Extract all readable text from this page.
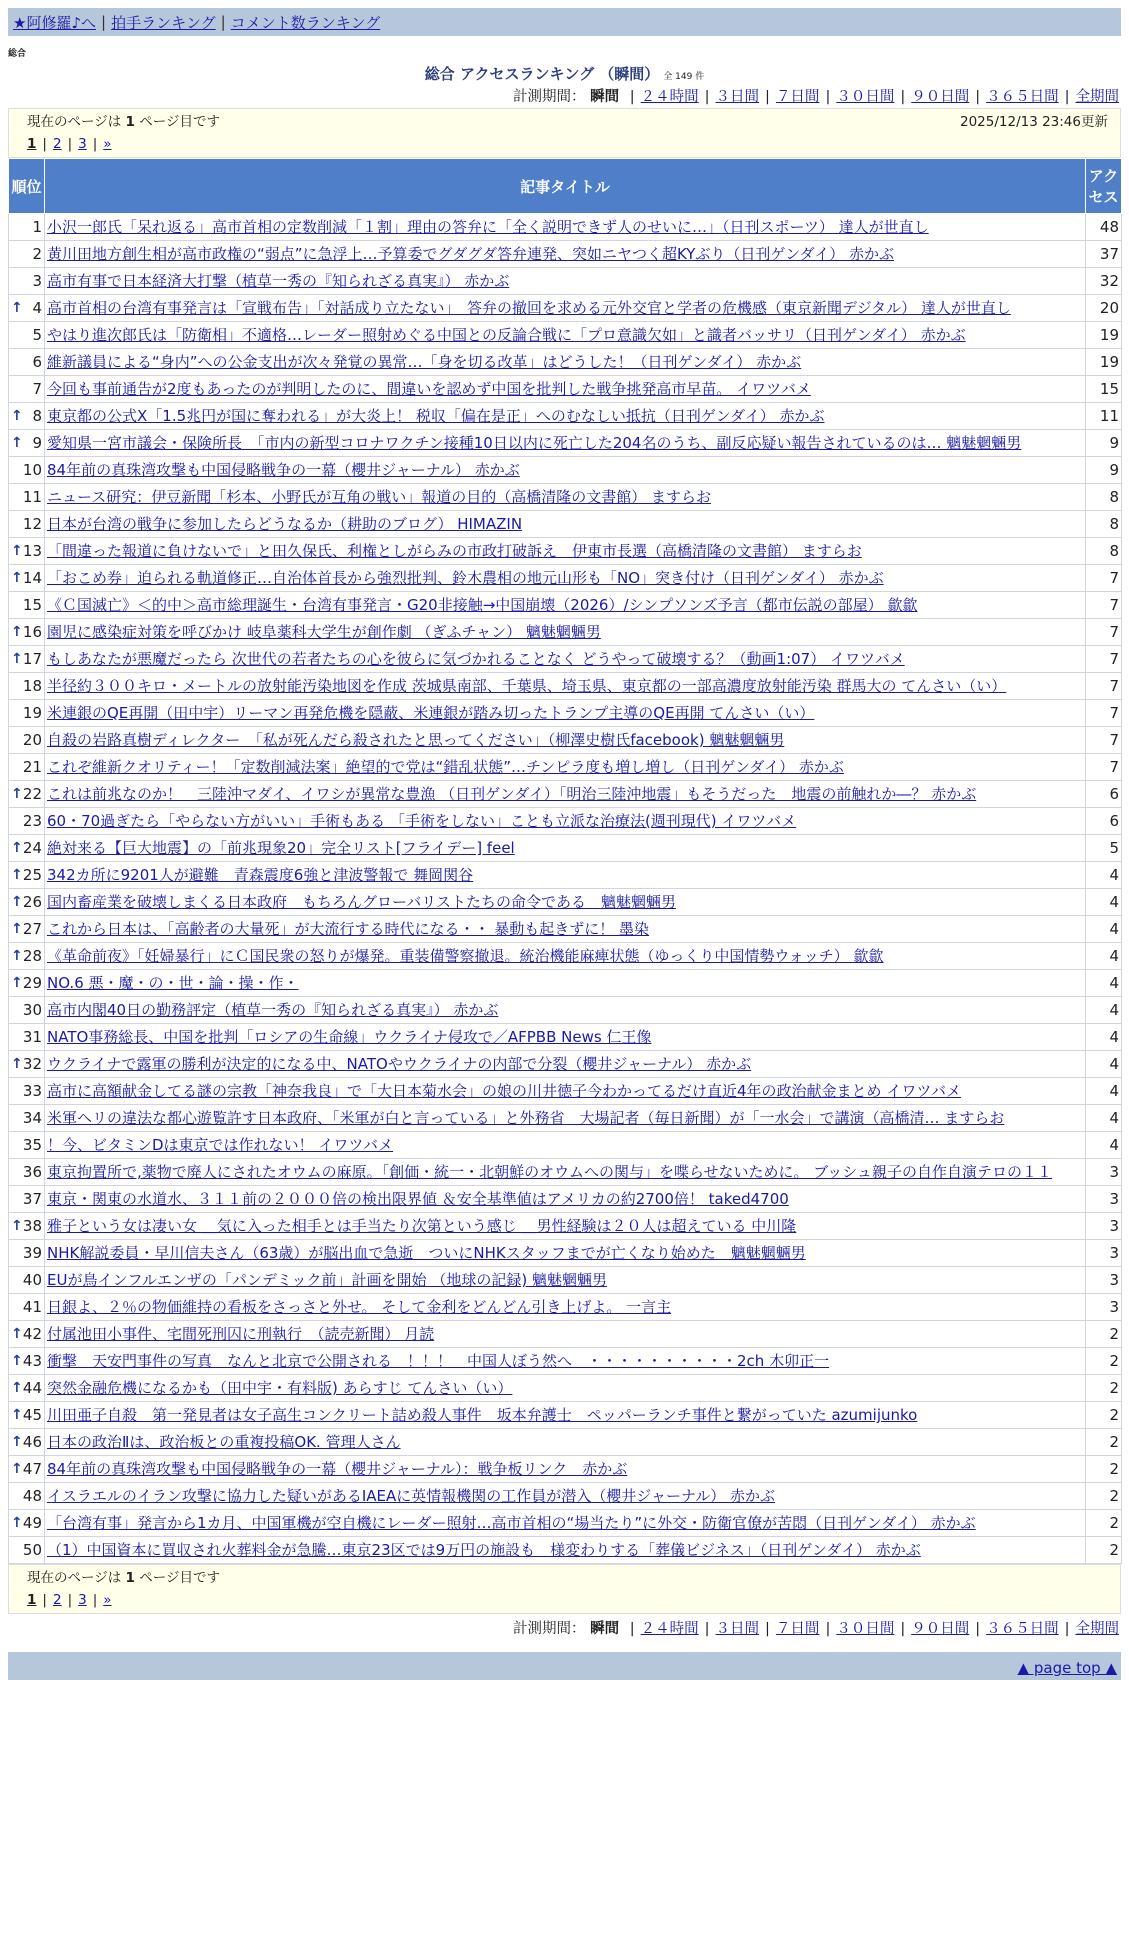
★阿修羅♪へ | 拍手ランキング | コメント数ランキング
総合
総合 アクセスランキング （瞬間） 全 149 件
計測期間： 瞬間 | ２４時間 | ３日間 | ７日間 | ３０日間 | ９０日間 | ３６５日間 | 全期間
現在のページは 1 ページ目です	2025/12/13 23:46更新
1 | 2 | 3 | »
順位	記事タイトル	アクセス
1	小沢一郎氏「呆れ返る」高市首相の定数削減「１割」理由の答弁に「全く説明できず人のせいに…」（日刊スポーツ） 達人が世直し	48
2	黄川田地方創生相が高市政権の“弱点”に急浮上…予算委でグダグダ答弁連発、突如ニヤつく超KYぶり（日刊ゲンダイ） 赤かぶ	37
3	高市有事で日本経済大打撃（植草一秀の『知られざる真実』） 赤かぶ	32

↑ 4	高市首相の台湾有事発言は「宣戦布告」「対話成り立たない」　答弁の撤回を求める元外交官と学者の危機感（東京新聞デジタル） 達人が世直し	20
5	やはり進次郎氏は「防衛相」不適格…レーダー照射めぐる中国との反論合戦に「プロ意識欠如」と識者バッサリ（日刊ゲンダイ） 赤かぶ	19
6	維新議員による“身内”への公金支出が次々発覚の異常…「身を切る改革」はどうした！（日刊ゲンダイ） 赤かぶ	19
7	今回も事前通告が2度もあったのが判明したのに、間違いを認めず中国を批判した戦争挑発高市早苗。 イワツバメ	15

↑ 8	東京都の公式X「1.5兆円が国に奪われる」が大炎上！ 税収「偏在是正」へのむなしい抵抗（日刊ゲンダイ） 赤かぶ	11

↑ 9	愛知県一宮市議会・保険所長　「市内の新型コロナワクチン接種10日以内に死亡した204名のうち、副反応疑い報告されているのは… 魑魅魍魎男	9
10	84年前の真珠湾攻撃も中国侵略戦争の一幕（櫻井ジャーナル） 赤かぶ	9
11	ニュース研究：伊豆新聞「杉本、小野氏が互角の戦い」報道の目的（高橋清隆の文書館） ますらお	8
12	日本が台湾の戦争に参加したらどうなるか（耕助のブログ） HIMAZIN	8

↑ 13	「間違った報道に負けないで」と田久保氏、利権としがらみの市政打破訴え　伊東市長選（高橋清隆の文書館） ますらお	8

↑ 14	「おこめ券」迫られる軌道修正…自治体首長から強烈批判、鈴木農相の地元山形も「NO」突き付け（日刊ゲンダイ） 赤かぶ	7
15	《Ｃ国滅亡》＜的中＞高市総理誕生・台湾有事発言・G20非接触→中国崩壊（2026）/シンプソンズ予言（都市伝説の部屋） 歙歙	7

↑ 16	園児に感染症対策を呼びかけ 岐阜薬科大学生が創作劇 （ぎふチャン） 魑魅魍魎男	7

↑ 17	もしあなたが悪魔だったら 次世代の若者たちの心を彼らに気づかれることなく どうやって破壊する？（動画1:07） イワツバメ	7
18	半径約３００キロ・メートルの放射能汚染地図を作成 茨城県南部、千葉県、埼玉県、東京都の一部高濃度放射能汚染 群馬大の てんさい（い）	7
19	米連銀のQE再開（田中宇）リーマン再発危機を隠蔽、米連銀が踏み切ったトランプ主導のQE再開 てんさい（い）	7
20	自殺の岩路真樹ディレクター　「私が死んだら殺されたと思ってください」（柳澤史樹氏facebook) 魑魅魍魎男	7
21	これぞ維新クオリティー！「定数削減法案」絶望的で党は“錯乱状態”…チンピラ度も増し増し（日刊ゲンダイ） 赤かぶ	7

↑ 22	これは前兆なのか！　三陸沖マダイ、イワシが異常な豊漁 （日刊ゲンダイ）「明治三陸沖地震」もそうだった　地震の前触れか―？ 赤かぶ	6
23	60・70過ぎたら「やらない方がいい」手術もある 「手術をしない」ことも立派な治療法(週刊現代) イワツバメ	6

↑ 24	絶対来る【巨大地震】の「前兆現象20」完全リスト[フライデー] feel	5

↑ 25	342カ所に9201人が避難　青森震度6強と津波警報で 舞岡関谷	4

↑ 26	国内畜産業を破壊しまくる日本政府　もちろんグローバリストたちの命令である　魑魅魍魎男	4

↑ 27	これから日本は、「高齢者の大量死」が大流行する時代になる・・ 暴動も起きずに！ 墨染	4

↑ 28	《革命前夜》「妊婦暴行」にＣ国民衆の怒りが爆発。重装備警察撤退。統治機能麻痺状態（ゆっくり中国情勢ウォッチ） 歙歙	4

↑ 29	NO.6 悪・魔・の・世・論・操・作・	4
30	高市内閣40日の勤務評定（植草一秀の『知られざる真実』） 赤かぶ	4
31	NATO事務総長、中国を批判「ロシアの生命線」ウクライナ侵攻で／AFPBB News 仁王像	4

↑ 32	ウクライナで露軍の勝利が決定的になる中、NATOやウクライナの内部で分裂（櫻井ジャーナル） 赤かぶ	4
33	高市に高額献金してる謎の宗教「神奈我良」で「大日本菊水会」の娘の川井徳子今わかってるだけ直近4年の政治献金まとめ イワツバメ	4
34	米軍ヘリの違法な都心遊覧許す日本政府、「米軍が白と言っている」と外務省　大場記者（毎日新聞）が「一水会」で講演（高橋清… ますらお	4
35	！今、ビタミンDは東京では作れない！ イワツバメ	4
36	東京拘置所で,薬物で廃人にされたオウムの麻原。「創価・統一・北朝鮮のオウムへの関与」を喋らせないために。 ブッシュ親子の自作自演テロの１１	3
37	東京・関東の水道水、３１１前の２０００倍の検出限界値 ＆安全基準値はアメリカの約2700倍！ taked4700	3

↑ 38	雅子という女は凄い女 ＿気に入った相手とは手当たり次第という感じ ＿男性経験は２０人は超えている 中川隆	3
39	NHK解説委員・早川信夫さん（63歳）が脳出血で急逝　ついにNHKスタッフまでが亡くなり始めた　魑魅魍魎男	3
40	EUが鳥インフルエンザの「パンデミック前」計画を開始 （地球の記録) 魑魅魍魎男	3
41	日銀よ、２％の物価維持の看板をさっさと外せ。 そして金利をどんどん引き上げよ。 一言主	3

↑ 42	付属池田小事件、宅間死刑囚に刑執行　（読売新聞） 月読	2

↑ 43	衝撃　天安門事件の写真　なんと北京で公開される　！！！　中国人ぼう然へ　・・・・・・・・・・2ch 木卯正一	2

↑ 44	突然金融危機になるかも（田中宇・有料版) あらすじ てんさい（い）	2

↑ 45	川田亜子自殺　第一発見者は女子高生コンクリート詰め殺人事件　坂本弁護士　ペッパーランチ事件と繋がっていた azumijunko	2

↑ 46	日本の政治Ⅱは、政治板との重複投稿OK. 管理人さん	2

↑ 47	84年前の真珠湾攻撃も中国侵略戦争の一幕（櫻井ジャーナル）：戦争板リンク　赤かぶ	2
48	イスラエルのイラン攻撃に協力した疑いがあるIAEAに英情報機関の工作員が潜入（櫻井ジャーナル） 赤かぶ	2

↑ 49	「台湾有事」発言から1カ月、中国軍機が空自機にレーダー照射…高市首相の“場当たり”に外交・防衛官僚が苦悶（日刊ゲンダイ） 赤かぶ	2
50	（1）中国資本に買収され火葬料金が急騰…東京23区では9万円の施設も　様変わりする「葬儀ビジネス」（日刊ゲンダイ） 赤かぶ	2
現在のページは 1 ページ目です
1 | 2 | 3 | »
計測期間： 瞬間 | ２４時間 | ３日間 | ７日間 | ３０日間 | ９０日間 | ３６５日間 | 全期間
▲ page top ▲
